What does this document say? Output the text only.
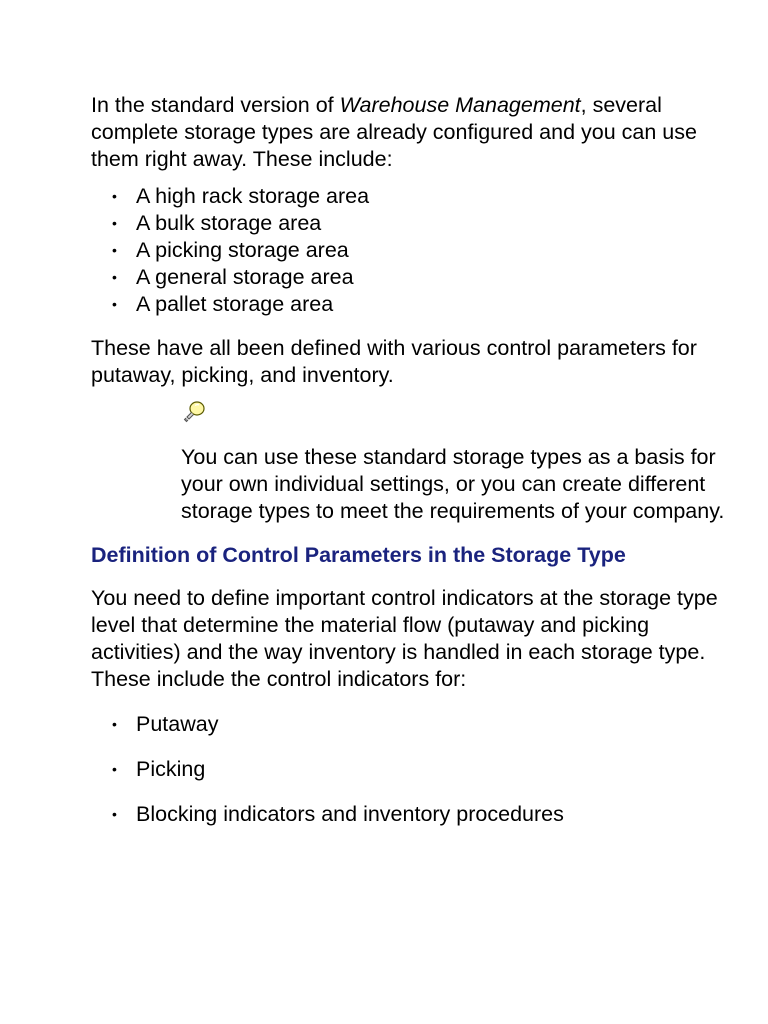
In the standard version of Warehouse Management, several complete storage types are already configured and you can use them right away. These include:

• A high rack storage area
• A bulk storage area
• A picking storage area
• A general storage area
• A pallet storage area

These have all been defined with various control parameters for putaway, picking, and inventory.

You can use these standard storage types as a basis for your own individual settings, or you can create different storage types to meet the requirements of your company.
Definition of Control Parameters in the Storage Type

You need to define important control indicators at the storage type level that determine the material flow (putaway and picking activities) and the way inventory is handled in each storage type. These include the control indicators for:

• Putaway
• Picking
• Blocking indicators and inventory procedures
